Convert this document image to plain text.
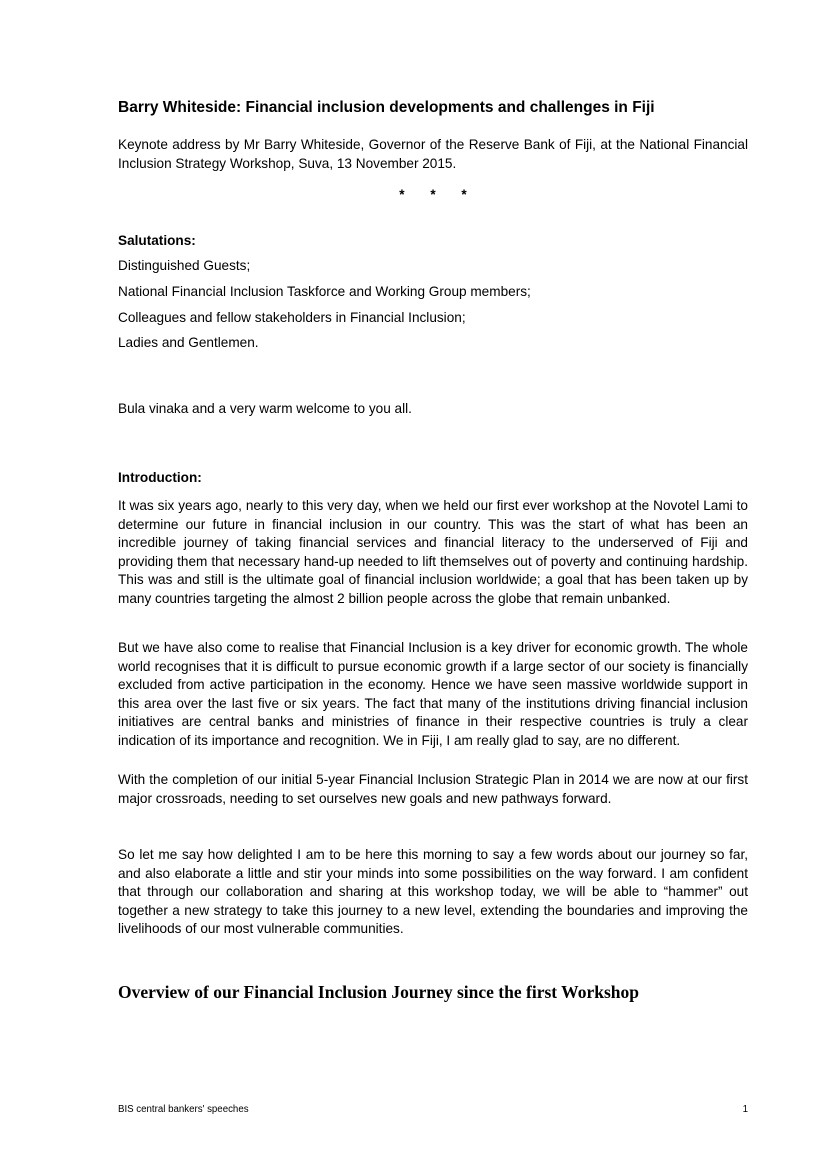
Barry Whiteside: Financial inclusion developments and challenges in Fiji

Keynote address by Mr Barry Whiteside, Governor of the Reserve Bank of Fiji, at the National Financial Inclusion Strategy Workshop, Suva, 13 November 2015.

* * *
Salutations:
Distinguished Guests;
National Financial Inclusion Taskforce and Working Group members;
Colleagues and fellow stakeholders in Financial Inclusion;
Ladies and Gentlemen.

Bula vinaka and a very warm welcome to you all.

Introduction:

It was six years ago, nearly to this very day, when we held our first ever workshop at the Novotel Lami to determine our future in financial inclusion in our country. This was the start of what has been an incredible journey of taking financial services and financial literacy to the underserved of Fiji and providing them that necessary hand-up needed to lift themselves out of poverty and continuing hardship. This was and still is the ultimate goal of financial inclusion worldwide; a goal that has been taken up by many countries targeting the almost 2 billion people across the globe that remain unbanked.

But we have also come to realise that Financial Inclusion is a key driver for economic growth. The whole world recognises that it is difficult to pursue economic growth if a large sector of our society is financially excluded from active participation in the economy. Hence we have seen massive worldwide support in this area over the last five or six years. The fact that many of the institutions driving financial inclusion initiatives are central banks and ministries of finance in their respective countries is truly a clear indication of its importance and recognition. We in Fiji, I am really glad to say, are no different.

With the completion of our initial 5-year Financial Inclusion Strategic Plan in 2014 we are now at our first major crossroads, needing to set ourselves new goals and new pathways forward.

So let me say how delighted I am to be here this morning to say a few words about our journey so far, and also elaborate a little and stir your minds into some possibilities on the way forward. I am confident that through our collaboration and sharing at this workshop today, we will be able to “hammer” out together a new strategy to take this journey to a new level, extending the boundaries and improving the livelihoods of our most vulnerable communities.

Overview of our Financial Inclusion Journey since the first Workshop
BIS central bankers' speeches	1
